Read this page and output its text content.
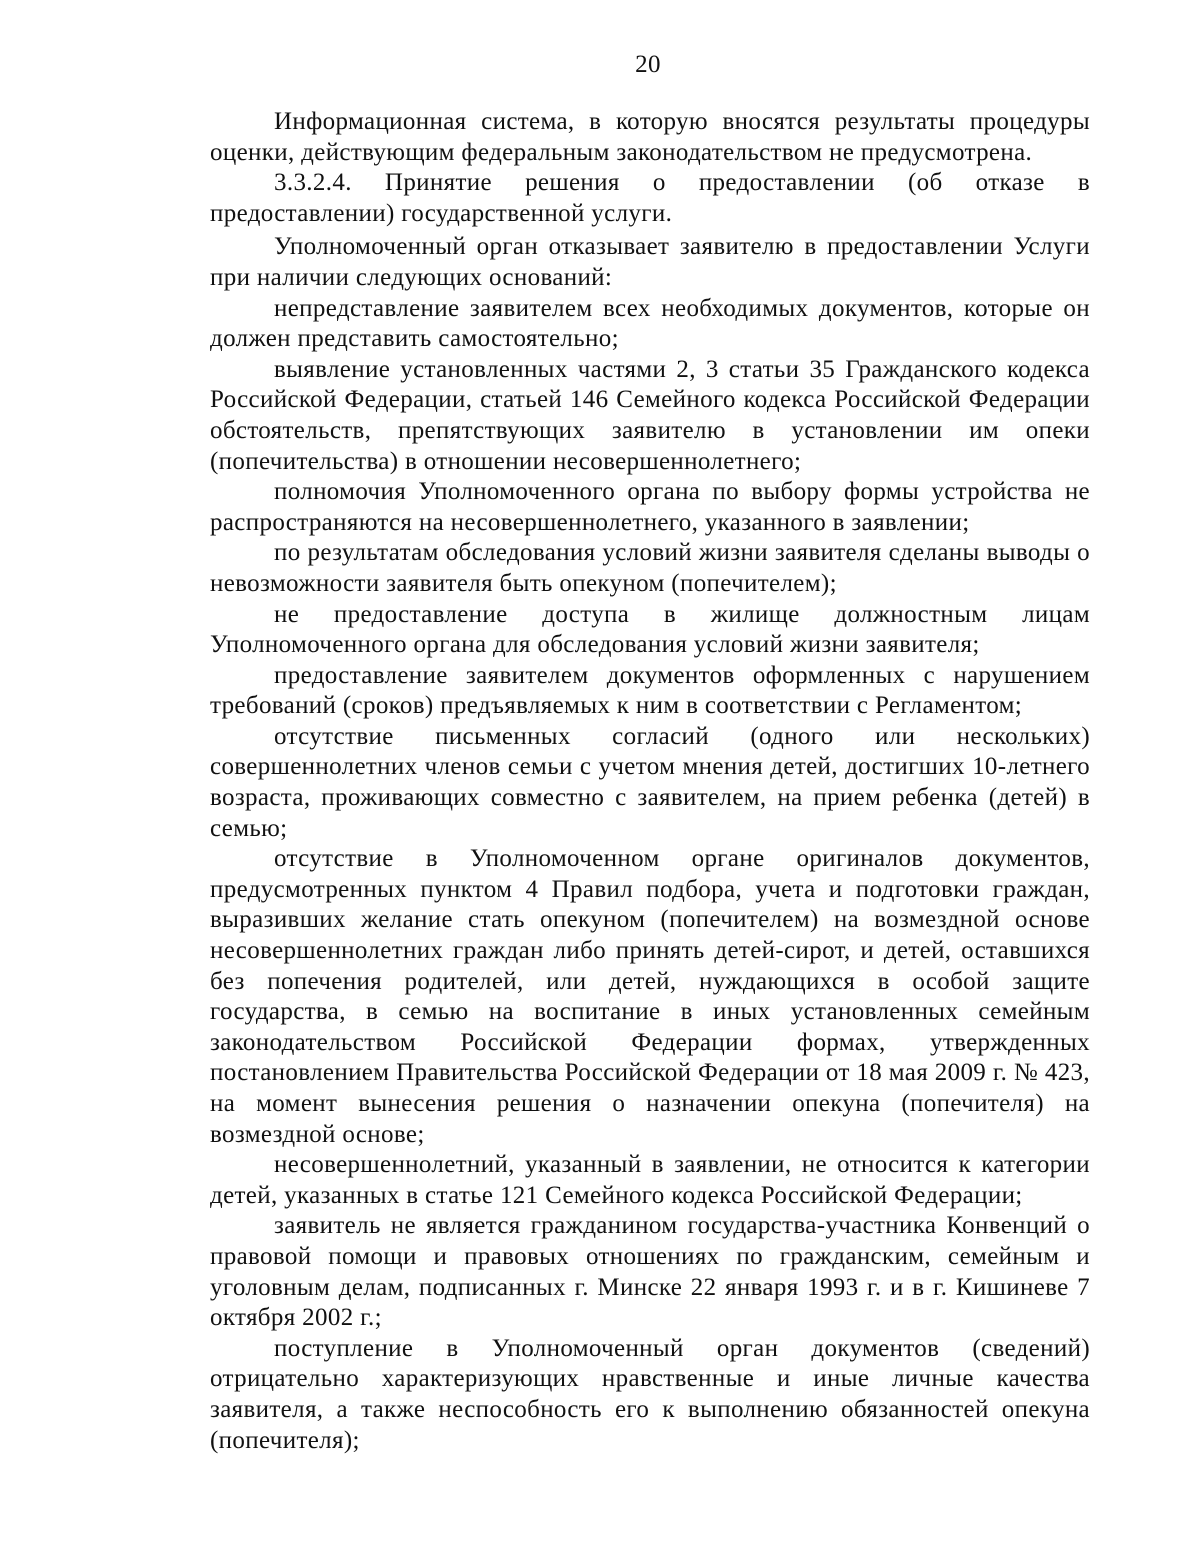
20

Информационная система, в которую вносятся результаты процедуры оценки, действующим федеральным законодательством не предусмотрена.

3.3.2.4. Принятие решения о предоставлении (об отказе в предоставлении) государственной услуги.

Уполномоченный орган отказывает заявителю в предоставлении Услуги при наличии следующих оснований:

непредставление заявителем всех необходимых документов, которые он должен представить самостоятельно;

выявление установленных частями 2, 3 статьи 35 Гражданского кодекса Российской Федерации, статьей 146 Семейного кодекса Российской Федерации обстоятельств, препятствующих заявителю в установлении им опеки (попечительства) в отношении несовершеннолетнего;

полномочия Уполномоченного органа по выбору формы устройства не распространяются на несовершеннолетнего, указанного в заявлении;

по результатам обследования условий жизни заявителя сделаны выводы о невозможности заявителя быть опекуном (попечителем);

не предоставление доступа в жилище должностным лицам Уполномоченного органа для обследования условий жизни заявителя;

предоставление заявителем документов оформленных с нарушением требований (сроков) предъявляемых к ним в соответствии с Регламентом;

отсутствие письменных согласий (одного или нескольких) совершеннолетних членов семьи с учетом мнения детей, достигших 10-летнего возраста, проживающих совместно с заявителем, на прием ребенка (детей) в семью;

отсутствие в Уполномоченном органе оригиналов документов, предусмотренных пунктом 4 Правил подбора, учета и подготовки граждан, выразивших желание стать опекуном (попечителем) на возмездной основе несовершеннолетних граждан либо принять детей-сирот, и детей, оставшихся без попечения родителей, или детей, нуждающихся в особой защите государства, в семью на воспитание в иных установленных семейным законодательством Российской Федерации формах, утвержденных постановлением Правительства Российской Федерации от 18 мая 2009 г. № 423, на момент вынесения решения о назначении опекуна (попечителя) на возмездной основе;

несовершеннолетний, указанный в заявлении, не относится к категории детей, указанных в статье 121 Семейного кодекса Российской Федерации;

заявитель не является гражданином государства-участника Конвенций о правовой помощи и правовых отношениях по гражданским, семейным и уголовным делам, подписанных г. Минске 22 января 1993 г. и в г. Кишиневе 7 октября 2002 г.;

поступление в Уполномоченный орган документов (сведений) отрицательно характеризующих нравственные и иные личные качества заявителя, а также неспособность его к выполнению обязанностей опекуна (попечителя);
